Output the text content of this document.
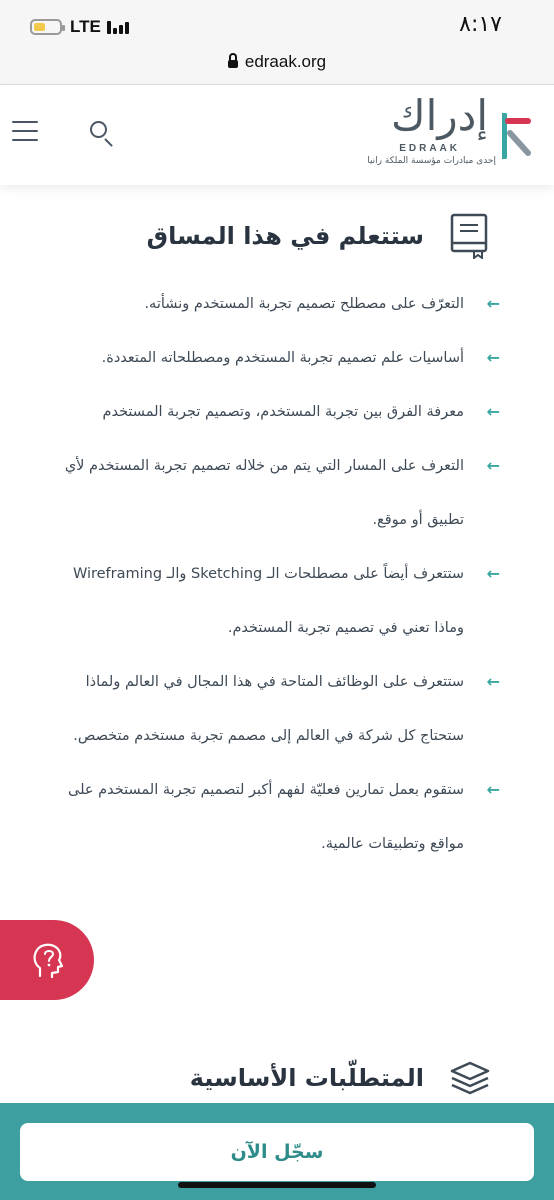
LTE	٨:١٧
edraak.org
إدراك
EDRAAK
إحدى مبادرات مؤسسة الملكة رانيا
ستتعلم في هذا المساق
←
التعرّف على مصطلح تصميم تجربة المستخدم ونشأته.
←
أساسيات علم تصميم تجربة المستخدم ومصطلحاته المتعددة.
←
معرفة الفرق بين تجربة المستخدم، وتصميم تجربة المستخدم
←
التعرف على المسار التي يتم من خلاله تصميم تجربة المستخدم لأي تطبيق أو موقع.
←
ستتعرف أيضاً على مصطلحات الـ Sketching والـ Wireframing وماذا تعني في تصميم تجربة المستخدم.
←
ستتعرف على الوظائف المتاحة في هذا المجال في العالم ولماذا ستحتاج كل شركة في العالم إلى مصمم تجربة مستخدم متخصص.
←
ستقوم بعمل تمارين فعليّة لفهم أكبر لتصميم تجربة المستخدم على مواقع وتطبيقات عالمية.
المتطلّبات الأساسية
سجّل الآن
